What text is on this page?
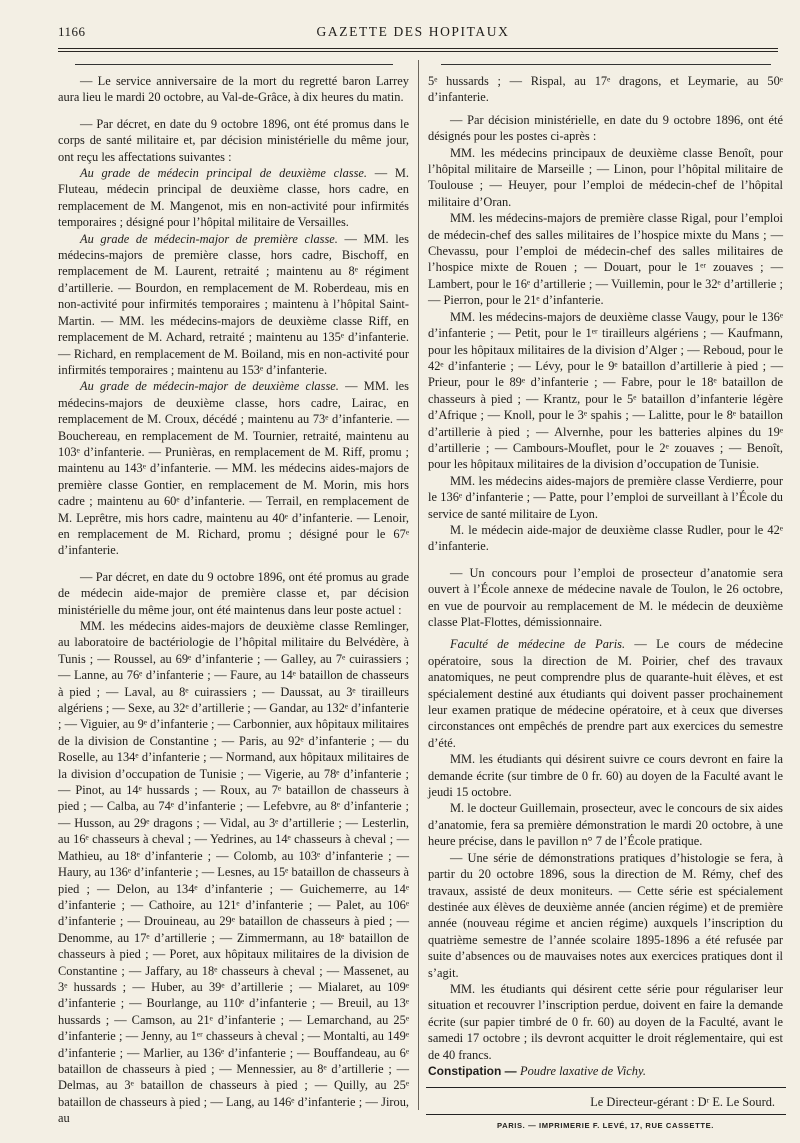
1166	GAZETTE DES HOPITAUX

— Le service anniversaire de la mort du regretté baron Larrey aura lieu le mardi 20 octobre, au Val-de-Grâce, à dix heures du matin.

— Par décret, en date du 9 octobre 1896, ont été promus dans le corps de santé militaire et, par décision ministérielle du même jour, ont reçu les affectations suivantes :

Au grade de médecin principal de deuxième classe. — M. Fluteau, médecin principal de deuxième classe, hors cadre, en remplacement de M. Mangenot, mis en non-activité pour infirmités temporaires ; désigné pour l’hôpital militaire de Versailles.

Au grade de médecin-major de première classe. — MM. les médecins-majors de première classe, hors cadre, Bischoff, en remplacement de M. Laurent, retraité ; maintenu au 8ᵉ régiment d’artillerie. — Bourdon, en remplacement de M. Roberdeau, mis en non-activité pour infirmités temporaires ; maintenu à l’hôpital Saint-Martin. — MM. les médecins-majors de deuxième classe Riff, en remplacement de M. Achard, retraité ; maintenu au 135ᵉ d’infanterie. — Richard, en remplacement de M. Boiland, mis en non-activité pour infirmités temporaires ; maintenu au 153ᵉ d’infanterie.

Au grade de médecin-major de deuxième classe. — MM. les médecins-majors de deuxième classe, hors cadre, Lairac, en remplacement de M. Croux, décédé ; maintenu au 73ᵉ d’infanterie. — Bouchereau, en remplacement de M. Tournier, retraité, maintenu au 103ᵉ d’infanterie. — Prunièras, en remplacement de M. Riff, promu ; maintenu au 143ᵉ d’infanterie. — MM. les médecins aides-majors de première classe Gontier, en remplacement de M. Morin, mis hors cadre ; maintenu au 60ᵉ d’infanterie. — Terrail, en remplacement de M. Leprêtre, mis hors cadre, maintenu au 40ᵉ d’infanterie. — Lenoir, en remplacement de M. Richard, promu ; désigné pour le 67ᵉ d’infanterie.

— Par décret, en date du 9 octobre 1896, ont été promus au grade de médecin aide-major de première classe et, par décision ministérielle du même jour, ont été maintenus dans leur poste actuel :

MM. les médecins aides-majors de deuxième classe Remlinger, au laboratoire de bactériologie de l’hôpital militaire du Belvédère, à Tunis ; — Roussel, au 69ᵉ d’infanterie ; — Galley, au 7ᵉ cuirassiers ; — Lanne, au 76ᵉ d’infanterie ; — Faure, au 14ᵉ bataillon de chasseurs à pied ; — Laval, au 8ᵉ cuirassiers ; — Daussat, au 3ᵉ tirailleurs algériens ; — Sexe, au 32ᵉ d’artillerie ; — Gandar, au 132ᵉ d’infanterie ; — Viguier, au 9ᵉ d’infanterie ; — Carbonnier, aux hôpitaux militaires de la division de Constantine ; — Paris, au 92ᵉ d’infanterie ; — du Roselle, au 134ᵉ d’infanterie ; — Normand, aux hôpitaux militaires de la division d’occupation de Tunisie ; — Vigerie, au 78ᵉ d’infanterie ; — Pinot, au 14ᵉ hussards ; — Roux, au 7ᵉ bataillon de chasseurs à pied ; — Calba, au 74ᵉ d’infanterie ; — Lefebvre, au 8ᵉ d’infanterie ; — Husson, au 29ᵉ dragons ; — Vidal, au 3ᵉ d’artillerie ; — Lesterlin, au 16ᵉ chasseurs à cheval ; — Yedrines, au 14ᵉ chasseurs à cheval ; — Mathieu, au 18ᵉ d’infanterie ; — Colomb, au 103ᵉ d’infanterie ; — Haury, au 136ᵉ d’infanterie ; — Lesnes, au 15ᵉ bataillon de chasseurs à pied ; — Delon, au 134ᵉ d’infanterie ; — Guichemerre, au 14ᵉ d’infanterie ; — Cathoire, au 121ᵉ d’infanterie ; — Palet, au 106ᵉ d’infanterie ; — Drouineau, au 29ᵉ bataillon de chasseurs à pied ; — Denomme, au 17ᵉ d’artillerie ; — Zimmermann, au 18ᵉ bataillon de chasseurs à pied ; — Poret, aux hôpitaux militaires de la division de Constantine ; — Jaffary, au 18ᵉ chasseurs à cheval ; — Massenet, au 3ᵉ hussards ; — Huber, au 39ᵉ d’artillerie ; — Mialaret, au 109ᵉ d’infanterie ; — Bourlange, au 110ᵉ d’infanterie ; — Breuil, au 13ᵉ hussards ; — Camson, au 21ᵉ d’infanterie ; — Lemarchand, au 25ᵉ d’infanterie ; — Jenny, au 1ᵉʳ chasseurs à cheval ; — Montalti, au 149ᵉ d’infanterie ; — Marlier, au 136ᵉ d’infanterie ; — Bouffandeau, au 6ᵉ bataillon de chasseurs à pied ; — Mennessier, au 8ᵉ d’artillerie ; — Delmas, au 3ᵉ bataillon de chasseurs à pied ; — Quilly, au 25ᵉ bataillon de chasseurs à pied ; — Lang, au 146ᵉ d’infanterie ; — Jirou, au

5ᵉ hussards ; — Rispal, au 17ᵉ dragons, et Leymarie, au 50ᵉ d’infanterie.

— Par décision ministérielle, en date du 9 octobre 1896, ont été désignés pour les postes ci-après :

MM. les médecins principaux de deuxième classe Benoît, pour l’hôpital militaire de Marseille ; — Linon, pour l’hôpital militaire de Toulouse ; — Heuyer, pour l’emploi de médecin-chef de l’hôpital militaire d’Oran.

MM. les médecins-majors de première classe Rigal, pour l’emploi de médecin-chef des salles militaires de l’hospice mixte du Mans ; — Chevassu, pour l’emploi de médecin-chef des salles militaires de l’hospice mixte de Rouen ; — Douart, pour le 1ᵉʳ zouaves ; — Lambert, pour le 16ᵉ d’artillerie ; — Vuillemin, pour le 32ᵉ d’artillerie ; — Pierron, pour le 21ᵉ d’infanterie.

MM. les médecins-majors de deuxième classe Vaugy, pour le 136ᵉ d’infanterie ; — Petit, pour le 1ᵉʳ tirailleurs algériens ; — Kaufmann, pour les hôpitaux militaires de la division d’Alger ; — Reboud, pour le 42ᵉ d’infanterie ; — Lévy, pour le 9ᵉ bataillon d’artillerie à pied ; — Prieur, pour le 89ᵉ d’infanterie ; — Fabre, pour le 18ᵉ bataillon de chasseurs à pied ; — Krantz, pour le 5ᵉ bataillon d’infanterie légère d’Afrique ; — Knoll, pour le 3ᵉ spahis ; — Lalitte, pour le 8ᵉ bataillon d’artillerie à pied ; — Alvernhe, pour les batteries alpines du 19ᵉ d’artillerie ; — Cambours-Mouflet, pour le 2ᵉ zouaves ; — Benoît, pour les hôpitaux militaires de la division d’occupation de Tunisie.

MM. les médecins aides-majors de première classe Verdierre, pour le 136ᵉ d’infanterie ; — Patte, pour l’emploi de surveillant à l’École du service de santé militaire de Lyon.

M. le médecin aide-major de deuxième classe Rudler, pour le 42ᵉ d’infanterie.

— Un concours pour l’emploi de prosecteur d’anatomie sera ouvert à l’École annexe de médecine navale de Toulon, le 26 octobre, en vue de pourvoir au remplacement de M. le médecin de deuxième classe Plat-Flottes, démissionnaire.

Faculté de médecine de Paris. — Le cours de médecine opératoire, sous la direction de M. Poirier, chef des travaux anatomiques, ne peut comprendre plus de quarante-huit élèves, et est spécialement destiné aux étudiants qui doivent passer prochainement leur examen pratique de médecine opératoire, et à ceux que diverses circonstances ont empêchés de prendre part aux exercices du semestre d’été.

MM. les étudiants qui désirent suivre ce cours devront en faire la demande écrite (sur timbre de 0 fr. 60) au doyen de la Faculté avant le jeudi 15 octobre.

M. le docteur Guillemain, prosecteur, avec le concours de six aides d’anatomie, fera sa première démonstration le mardi 20 octobre, à une heure précise, dans le pavillon n° 7 de l’École pratique.

— Une série de démonstrations pratiques d’histologie se fera, à partir du 20 octobre 1896, sous la direction de M. Rémy, chef des travaux, assisté de deux moniteurs. — Cette série est spécialement destinée aux élèves de deuxième année (ancien régime) et de première année (nouveau régime et ancien régime) auxquels l’inscription du quatrième semestre de l’année scolaire 1895-1896 a été refusée par suite d’absences ou de mauvaises notes aux exercices pratiques dont il s’agit.

MM. les étudiants qui désirent cette série pour régulariser leur situation et recouvrer l’inscription perdue, doivent en faire la demande écrite (sur papier timbré de 0 fr. 60) au doyen de la Faculté, avant le samedi 17 octobre ; ils devront acquitter le droit réglementaire, qui est de 40 francs.

Constipation — Poudre laxative de Vichy.

Le Directeur-gérant : Dʳ E. Le Sourd.

PARIS. — IMPRIMERIE F. LEVÉ, 17, RUE CASSETTE.
